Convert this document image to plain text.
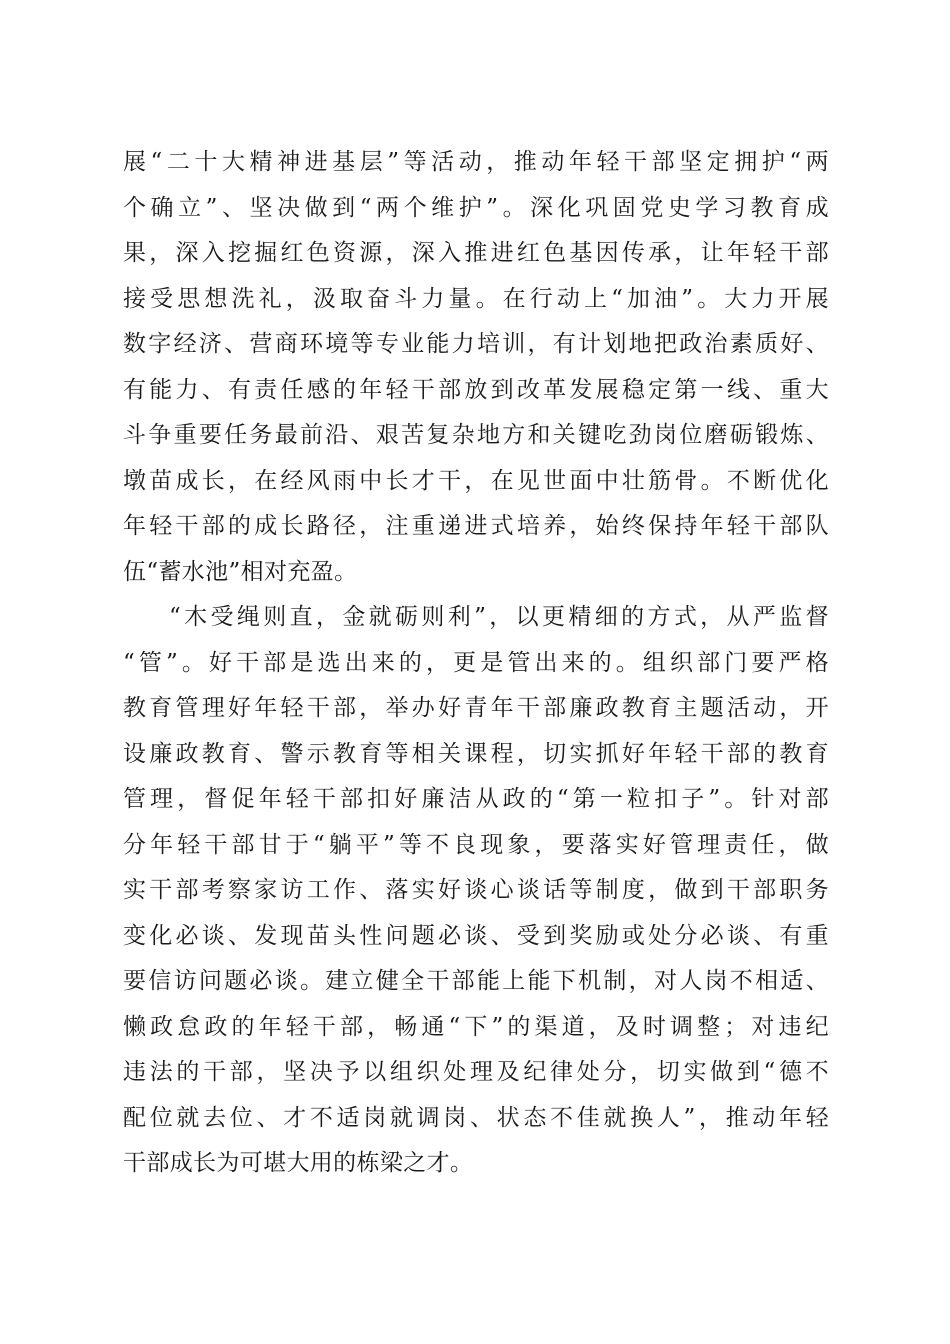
展“二十大精神进基层”等活动，推动年轻干部坚定拥护“两
个确立”、坚决做到“两个维护”。深化巩固党史学习教育成
果，深入挖掘红色资源，深入推进红色基因传承，让年轻干部
接受思想洗礼，汲取奋斗力量。在行动上“加油”。大力开展
数字经济、营商环境等专业能力培训，有计划地把政治素质好、
有能力、有责任感的年轻干部放到改革发展稳定第一线、重大
斗争重要任务最前沿、艰苦复杂地方和关键吃劲岗位磨砺锻炼、
墩苗成长，在经风雨中长才干，在见世面中壮筋骨。不断优化
年轻干部的成长路径，注重递进式培养，始终保持年轻干部队
伍“蓄水池”相对充盈。
“木受绳则直，金就砺则利”，以更精细的方式，从严监督
“管”。好干部是选出来的，更是管出来的。组织部门要严格
教育管理好年轻干部，举办好青年干部廉政教育主题活动，开
设廉政教育、警示教育等相关课程，切实抓好年轻干部的教育
管理，督促年轻干部扣好廉洁从政的“第一粒扣子”。针对部
分年轻干部甘于“躺平”等不良现象，要落实好管理责任，做
实干部考察家访工作、落实好谈心谈话等制度，做到干部职务
变化必谈、发现苗头性问题必谈、受到奖励或处分必谈、有重
要信访问题必谈。建立健全干部能上能下机制，对人岗不相适、
懒政怠政的年轻干部，畅通“下”的渠道，及时调整；对违纪
违法的干部，坚决予以组织处理及纪律处分，切实做到“德不
配位就去位、才不适岗就调岗、状态不佳就换人”，推动年轻
干部成长为可堪大用的栋梁之才。
